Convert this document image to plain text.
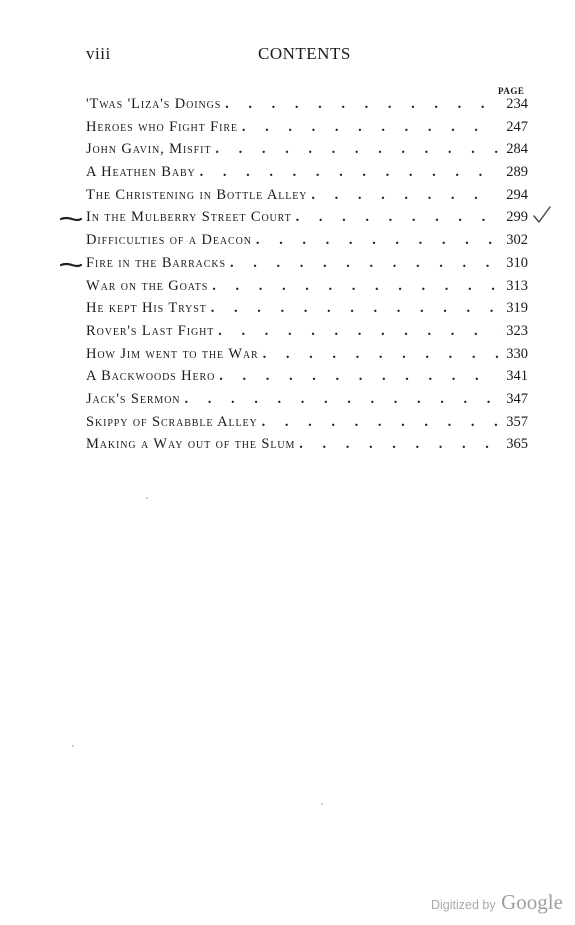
viii	CONTENTS
PAGE
'Twas 'Liza's Doings . . .	234
Heroes who Fight Fire . . .	247
John Gavin, Misfit . . .	284
A Heathen Baby . . .	289
The Christening in Bottle Alley . . .	294
In the Mulberry Street Court . . .	299
Difficulties of a Deacon . . .	302
Fire in the Barracks . . .	310
War on the Goats . . .	313
He kept His Tryst . . .	319
Rover's Last Fight . . .	323
How Jim went to the War . . .	330
A Backwoods Hero . . .	341
Jack's Sermon . . .	347
Skippy of Scrabble Alley . . .	357
Making a Way out of the Slum . . .	365
Digitized by Google
